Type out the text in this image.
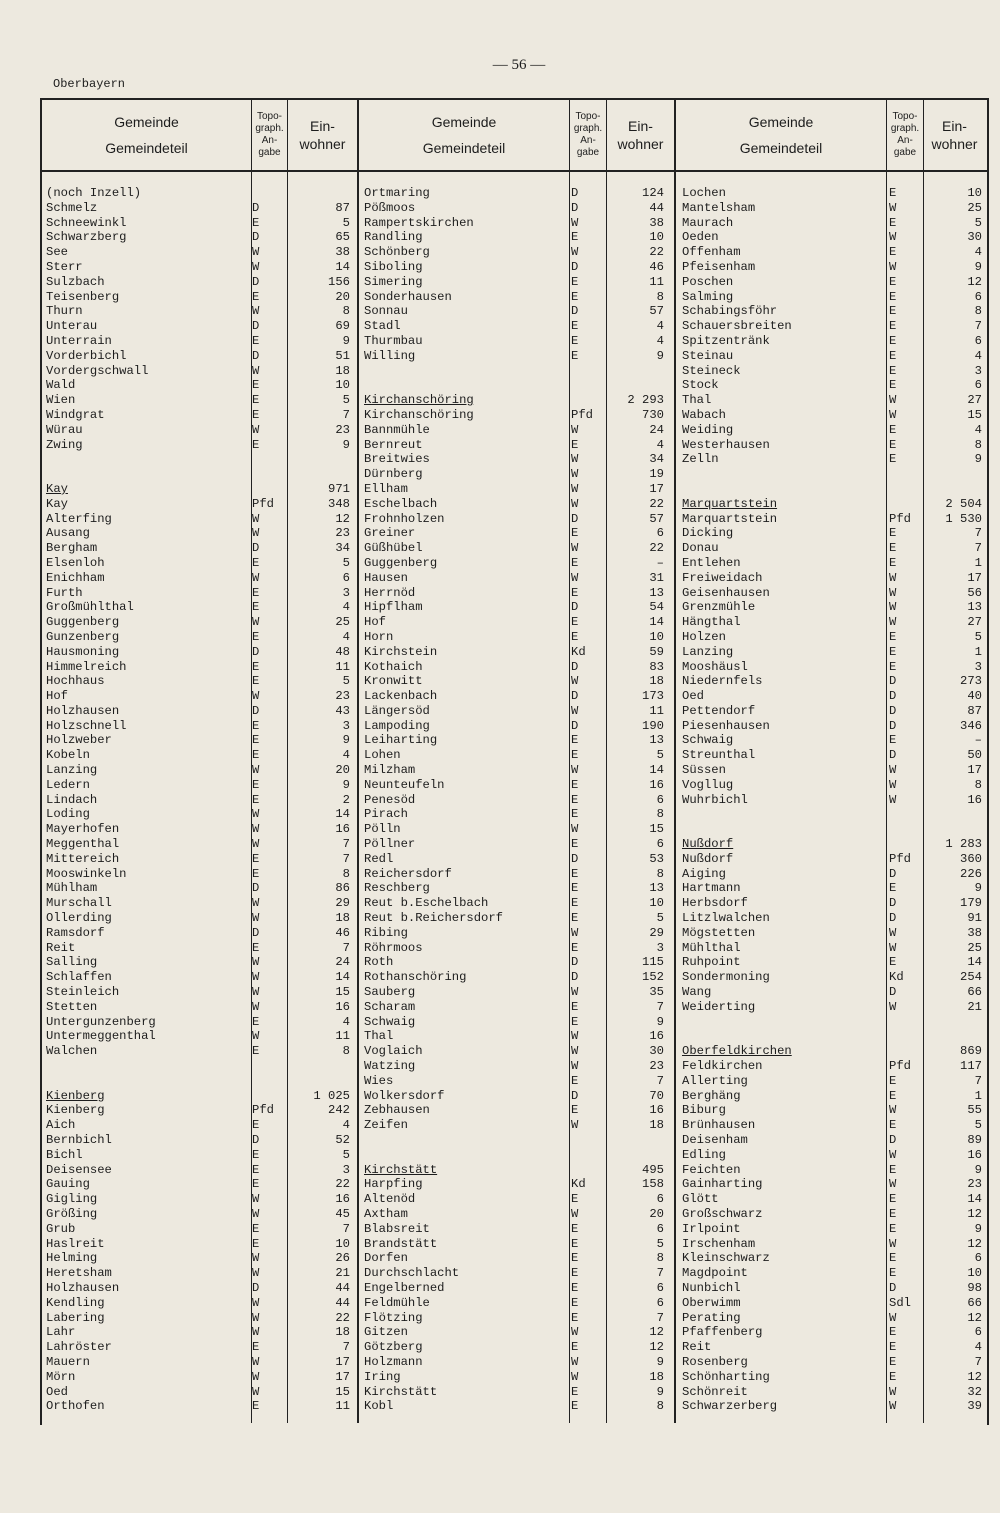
— 56 —
Oberbayern
Gemeinde
Gemeindeteil
Topo-
graph.
An-
gabe
Ein-
wohner
Gemeinde
Gemeindeteil
Topo-
graph.
An-
gabe
Ein-
wohner
Gemeinde
Gemeindeteil
Topo-
graph.
An-
gabe
Ein-
wohner
(noch Inzell)
Schmelz	D	87
Schneewinkl	E	5
Schwarzberg	D	65
See	W	38
Sterr	W	14
Sulzbach	D	156
Teisenberg	E	20
Thurn	W	8
Unterau	D	69
Unterrain	E	9
Vorderbichl	D	51
Vordergschwall	W	18
Wald	E	10
Wien	E	5
Windgrat	E	7
Würau	W	23
Zwing	E	9
Kay	971
Kay	Pfd	348
Alterfing	W	12
Ausang	W	23
Bergham	D	34
Elsenloh	E	5
Enichham	W	6
Furth	E	3
Großmühlthal	E	4
Guggenberg	W	25
Gunzenberg	E	4
Hausmoning	D	48
Himmelreich	E	11
Hochhaus	E	5
Hof	W	23
Holzhausen	D	43
Holzschnell	E	3
Holzweber	E	9
Kobeln	E	4
Lanzing	W	20
Ledern	E	9
Lindach	E	2
Loding	W	14
Mayerhofen	W	16
Meggenthal	W	7
Mittereich	E	7
Mooswinkeln	E	8
Mühlham	D	86
Murschall	W	29
Ollerding	W	18
Ramsdorf	D	46
Reit	E	7
Salling	W	24
Schlaffen	W	14
Steinleich	W	15
Stetten	W	16
Untergunzenberg	E	4
Untermeggenthal	W	11
Walchen	E	8
Kienberg	1 025
Kienberg	Pfd	242
Aich	E	4
Bernbichl	D	52
Bichl	E	5
Deisensee	E	3
Gauing	E	22
Gigling	W	16
Größing	W	45
Grub	E	7
Haslreit	E	10
Helming	W	26
Heretsham	W	21
Holzhausen	D	44
Kendling	W	44
Labering	W	22
Lahr	W	18
Lahröster	E	7
Mauern	W	17
Mörn	W	17
Oed	W	15
Orthofen	E	11
Ortmaring	D	124
Pößmoos	D	44
Rampertskirchen	W	38
Randling	E	10
Schönberg	W	22
Siboling	D	46
Simering	E	11
Sonderhausen	E	8
Sonnau	D	57
Stadl	E	4
Thurmbau	E	4
Willing	E	9
Kirchanschöring	2 293
Kirchanschöring	Pfd	730
Bannmühle	W	24
Bernreut	E	4
Breitwies	W	34
Dürnberg	W	19
Ellham	W	17
Eschelbach	W	22
Frohnholzen	D	57
Greiner	E	6
Güßhübel	W	22
Guggenberg	E	–
Hausen	W	31
Herrnöd	E	13
Hipflham	D	54
Hof	E	14
Horn	E	10
Kirchstein	Kd	59
Kothaich	D	83
Kronwitt	W	18
Lackenbach	D	173
Längersöd	W	11
Lampoding	D	190
Leiharting	E	13
Lohen	E	5
Milzham	W	14
Neunteufeln	E	16
Penesöd	E	6
Pirach	E	8
Pölln	W	15
Pöllner	E	6
Redl	D	53
Reichersdorf	E	8
Reschberg	E	13
Reut b.Eschelbach	E	10
Reut b.Reichersdorf	E	5
Ribing	W	29
Röhrmoos	E	3
Roth	D	115
Rothanschöring	D	152
Sauberg	W	35
Scharam	E	7
Schwaig	E	9
Thal	W	16
Voglaich	W	30
Watzing	W	23
Wies	E	7
Wolkersdorf	D	70
Zebhausen	E	16
Zeifen	W	18
Kirchstätt	495
Harpfing	Kd	158
Altenöd	E	6
Axtham	W	20
Blabsreit	E	6
Brandstätt	E	5
Dorfen	E	8
Durchschlacht	E	7
Engelberned	E	6
Feldmühle	E	6
Flötzing	E	7
Gitzen	W	12
Götzberg	E	12
Holzmann	W	9
Iring	W	18
Kirchstätt	E	9
Kobl	E	8
Lochen	E	10
Mantelsham	W	25
Maurach	E	5
Oeden	W	30
Offenham	E	4
Pfeisenham	W	9
Poschen	E	12
Salming	E	6
Schabingsföhr	E	8
Schauersbreiten	E	7
Spitzentränk	E	6
Steinau	E	4
Steineck	E	3
Stock	E	6
Thal	W	27
Wabach	W	15
Weiding	E	4
Westerhausen	E	8
Zelln	E	9
Marquartstein	2 504
Marquartstein	Pfd	1 530
Dicking	E	7
Donau	E	7
Entlehen	E	1
Freiweidach	W	17
Geisenhausen	W	56
Grenzmühle	W	13
Hängthal	W	27
Holzen	E	5
Lanzing	E	1
Mooshäusl	E	3
Niedernfels	D	273
Oed	D	40
Pettendorf	D	87
Piesenhausen	D	346
Schwaig	E	–
Streunthal	D	50
Süssen	W	17
Vogllug	W	8
Wuhrbichl	W	16
Nußdorf	1 283
Nußdorf	Pfd	360
Aiging	D	226
Hartmann	E	9
Herbsdorf	D	179
Litzlwalchen	D	91
Mögstetten	W	38
Mühlthal	W	25
Ruhpoint	E	14
Sondermoning	Kd	254
Wang	D	66
Weiderting	W	21
Oberfeldkirchen	869
Feldkirchen	Pfd	117
Allerting	E	7
Berghäng	E	1
Biburg	W	55
Brünhausen	E	5
Deisenham	D	89
Edling	W	16
Feichten	E	9
Gainharting	W	23
Glött	E	14
Großschwarz	E	12
Irlpoint	E	9
Irschenham	W	12
Kleinschwarz	E	6
Magdpoint	E	10
Nunbichl	D	98
Oberwimm	Sdl	66
Perating	W	12
Pfaffenberg	E	6
Reit	E	4
Rosenberg	E	7
Schönharting	E	12
Schönreit	W	32
Schwarzerberg	W	39
